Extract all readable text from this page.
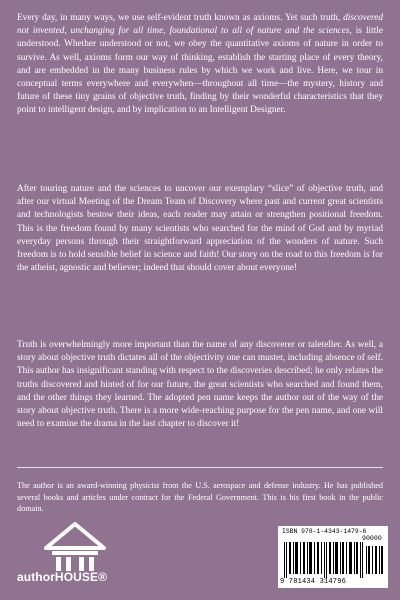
Every day, in many ways, we use self-evident truth known as axioms. Yet such truth, discovered not invented, unchanging for all time, foundational to all of nature and the sciences, is little understood. Whether understood or not, we obey the quantitative axioms of nature in order to survive. As well, axioms form our way of thinking, establish the starting place of every theory, and are embedded in the many business rules by which we work and live. Here, we tour in conceptual terms everywhere and everywhen—throughout all time—the mystery, history and future of these tiny grains of objective truth, finding by their wonderful characteristics that they point to intelligent design, and by implication to an Intelligent Designer.

After touring nature and the sciences to uncover our exemplary “slice” of objective truth, and after our virtual Meeting of the Dream Team of Discovery where past and current great scientists and technologists bestow their ideas, each reader may attain or strengthen positional freedom. This is the freedom found by many scientists who searched for the mind of God and by myriad everyday persons through their straightforward appreciation of the wonders of nature. Such freedom is to hold sensible belief in science and faith! Our story on the road to this freedom is for the atheist, agnostic and believer; indeed that should cover about everyone!

Truth is overwhelmingly more important than the name of any discoverer or taleteller. As well, a story about objective truth dictates all of the objectivity one can muster, including absence of self. This author has insignificant standing with respect to the discoveries described; he only relates the truths discovered and hinted of for our future, the great scientists who searched and found them, and the other things they learned. The adopted pen name keeps the author out of the way of the story about objective truth. There is a more wide-reaching purpose for the pen name, and one will need to examine the drama in the last chapter to discover it!

The author is an award-winning physicist from the U.S. aerospace and defense industry. He has published several books and articles under contract for the Federal Government. This is his first book in the public domain.

authorHOUSE®
ISBN 978-1-4343-1479-6
90000
9 781434 314796
